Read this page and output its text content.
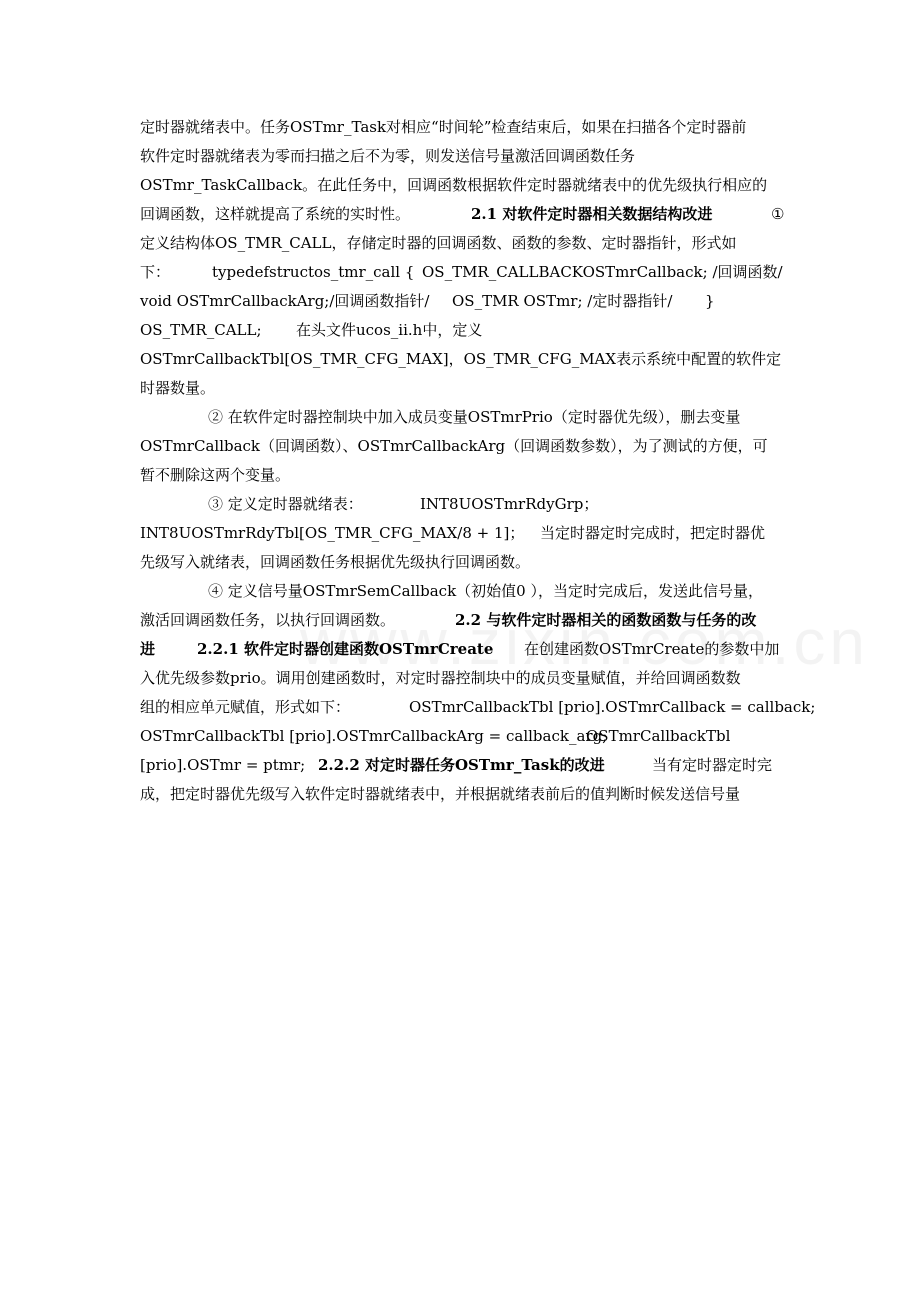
定时器就绪表中。任务OSTmr_Task对相应“时间轮”检查结束后，如果在扫描各个定时器前
软件定时器就绪表为零而扫描之后不为零，则发送信号量激活回调函数任务
OSTmr_TaskCallback。在此任务中，回调函数根据软件定时器就绪表中的优先级执行相应的
回调函数，这样就提高了系统的实时性。	2.1 对软件定时器相关数据结构改进	①
定义结构体OS_TMR_CALL，存储定时器的回调函数、函数的参数、定时器指针，形式如
下：	typedefstructos_tmr_call { OS_TMR_CALLBACKOSTmrCallback; /回调函数/
void OSTmrCallbackArg;/回调函数指针/ OS_TMR OSTmr; /定时器指针/ }
OS_TMR_CALL; 在头文件ucos_ii.h中，定义
OSTmrCallbackTbl[OS_TMR_CFG_MAX]，OS_TMR_CFG_MAX表示系统中配置的软件定
时器数量。
② 在软件定时器控制块中加入成员变量OSTmrPrio（定时器优先级），删去变量
OSTmrCallback（回调函数）、OSTmrCallbackArg（回调函数参数），为了测试的方便，可
暂不删除这两个变量。
③ 定义定时器就绪表：	INT8UOSTmrRdyGrp；
INT8UOSTmrRdyTbl[OS_TMR_CFG_MAX/8 + 1]； 当定时器定时完成时，把定时器优
先级写入就绪表，回调函数任务根据优先级执行回调函数。
④ 定义信号量OSTmrSemCallback（初始值0 ），当定时完成后，发送此信号量，
激活回调函数任务，以执行回调函数。	2.2 与软件定时器相关的函数函数与任务的改
进	2.2.1 软件定时器创建函数OSTmrCreate 在创建函数OSTmrCreate的参数中加
入优先级参数prio。调用创建函数时，对定时器控制块中的成员变量赋值，并给回调函数数
组的相应单元赋值，形式如下：	OSTmrCallbackTbl [prio].OSTmrCallback = callback;
OSTmrCallbackTbl [prio].OSTmrCallbackArg = callback_arg;
OSTmrCallbackTbl
[prio].OSTmr = ptmr; 2.2.2 对定时器任务OSTmr_Task的改进	当有定时器定时完
成，把定时器优先级写入软件定时器就绪表中，并根据就绪表前后的值判断时候发送信号量
